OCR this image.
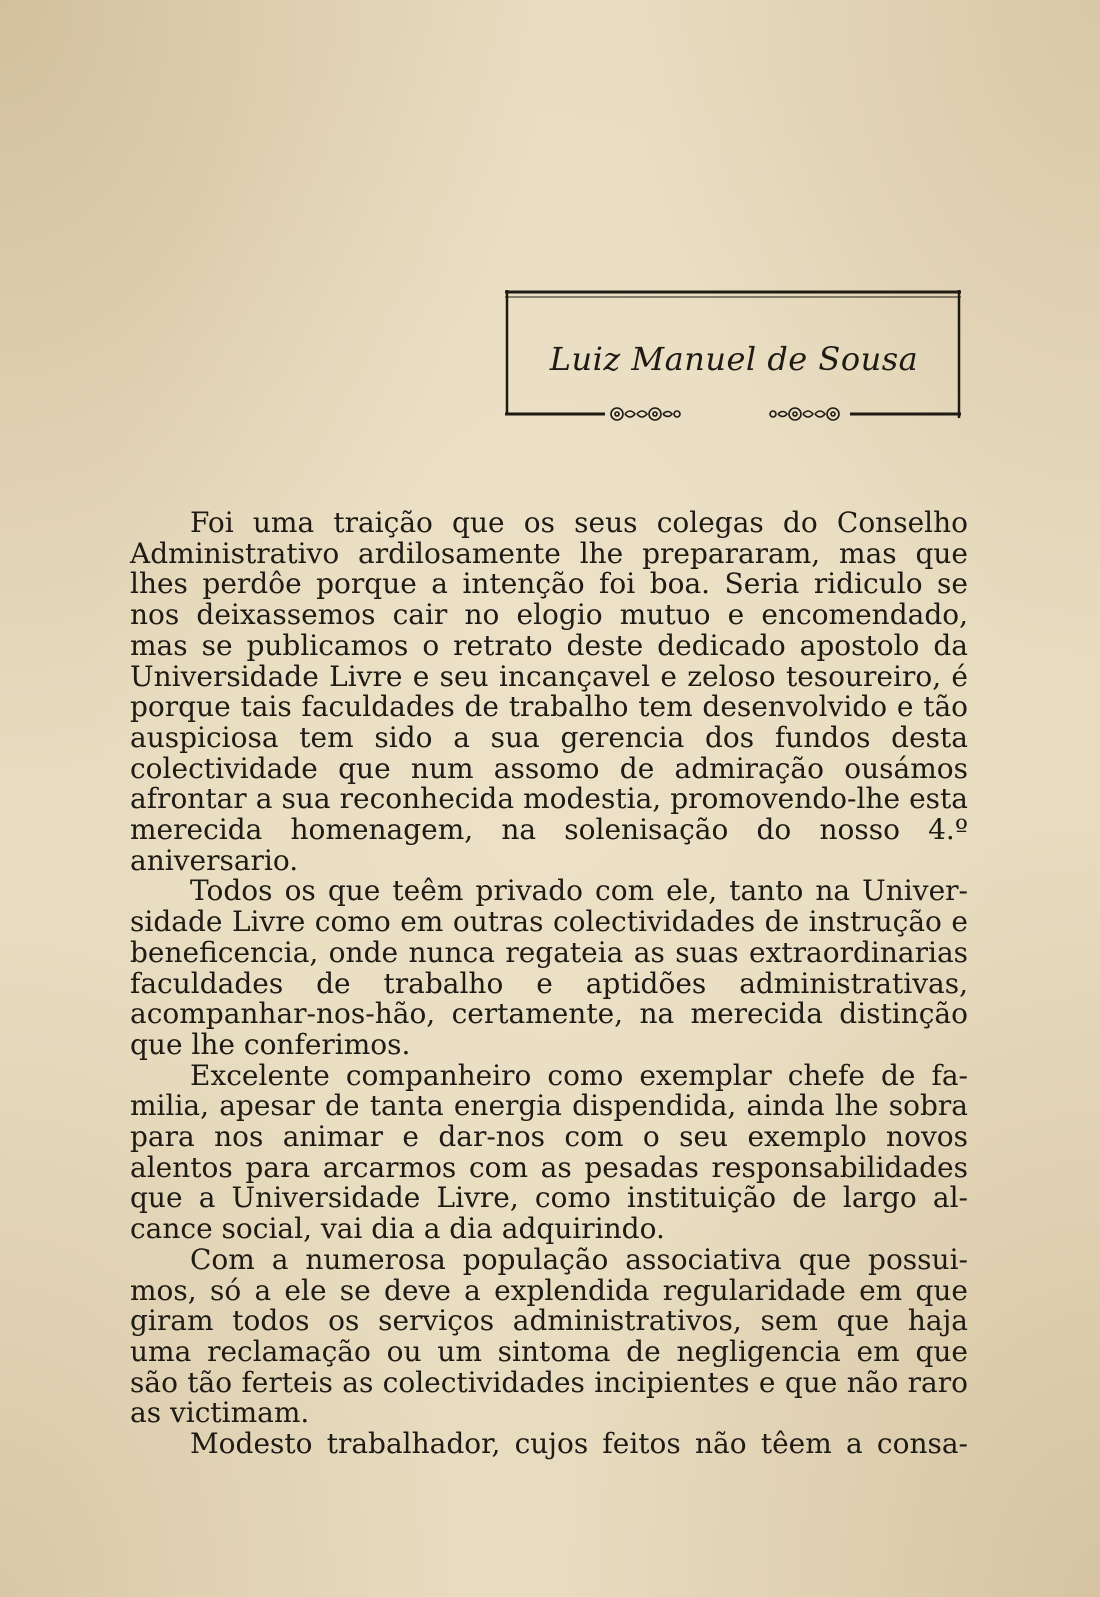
Luiz Manuel de Sousa

Foi uma traição que os seus colegas do Conselho Administrativo ardilosamente lhe prepararam, mas que lhes perdôe porque a intenção foi boa. Seria ridiculo se nos deixassemos cair no elogio mutuo e encomendado, mas se publicamos o retrato deste dedicado apostolo da Universidade Livre e seu incançavel e zeloso tesoureiro, é porque tais faculdades de trabalho tem desenvolvido e tão auspiciosa tem sido a sua gerencia dos fundos desta colectividade que num assomo de admiração ousámos afrontar a sua reconhecida modestia, promovendo-lhe esta merecida homenagem, na solenisação do nosso 4.º aniversario.

Todos os que teêm privado com ele, tanto na Universidade Livre como em outras colectividades de instrução e beneficencia, onde nunca regateia as suas extraordinarias faculdades de trabalho e aptidões administrativas, acompanhar-nos-hão, certamente, na merecida distinção que lhe conferimos.

Excelente companheiro como exemplar chefe de familia, apesar de tanta energia dispendida, ainda lhe sobra para nos animar e dar-nos com o seu exemplo novos alentos para arcarmos com as pesadas responsabilidades que a Universidade Livre, como instituição de largo alcance social, vai dia a dia adquirindo.

Com a numerosa população associativa que possuimos, só a ele se deve a explendida regularidade em que giram todos os serviços administrativos, sem que haja uma reclamação ou um sintoma de negligencia em que são tão ferteis as colectividades incipientes e que não raro as victimam.

Modesto trabalhador, cujos feitos não têem a consa-
